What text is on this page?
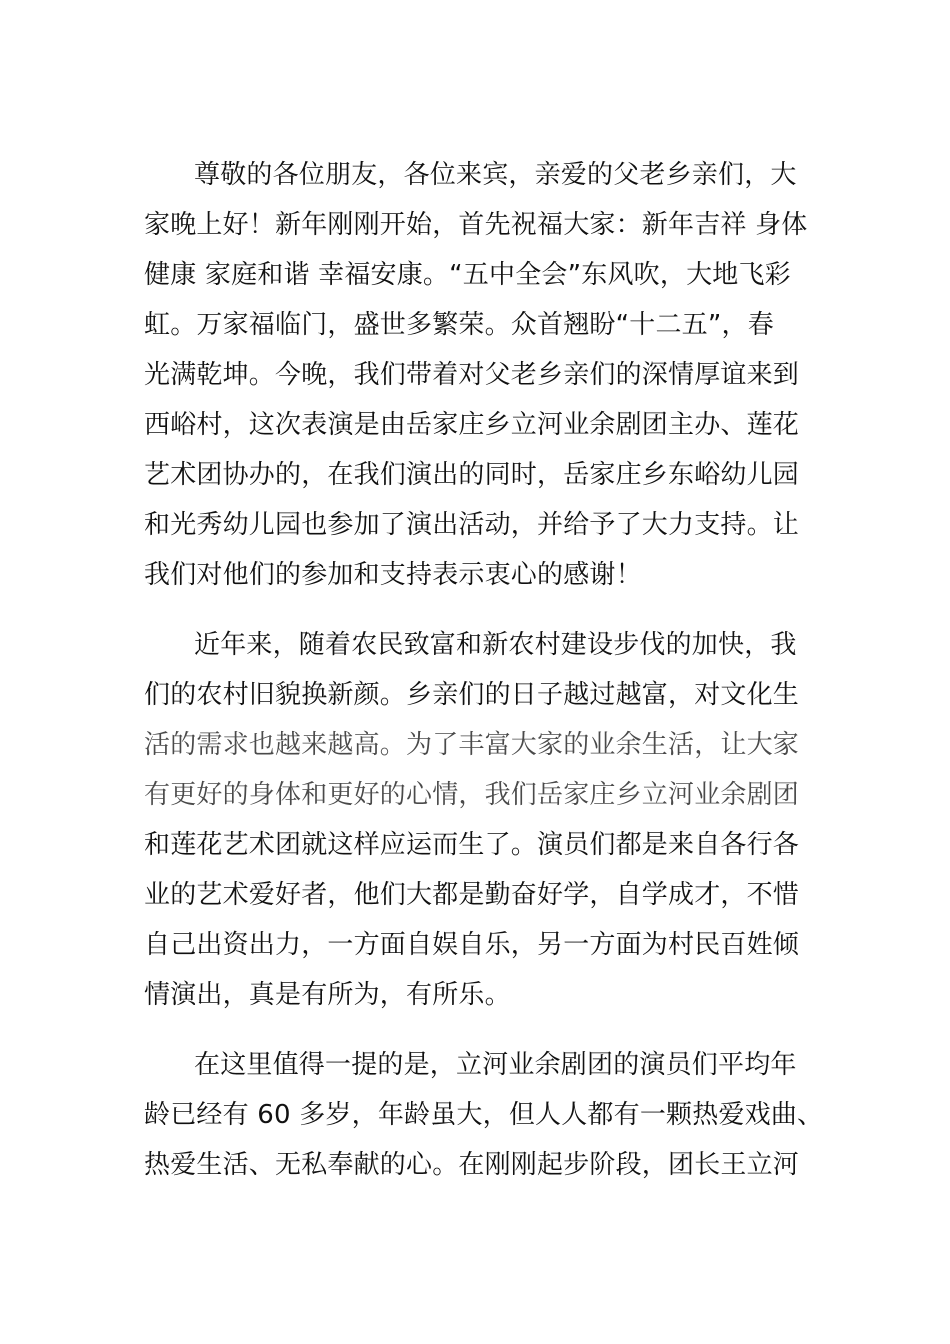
尊敬的各位朋友，各位来宾，亲爱的父老乡亲们，大
家晚上好！新年刚刚开始，首先祝福大家：新年吉祥 身体
健康 家庭和谐 幸福安康。“五中全会”东风吹，大地飞彩
虹。万家福临门，盛世多繁荣。众首翘盼“十二五”，春
光满乾坤。今晚，我们带着对父老乡亲们的深情厚谊来到
西峪村，这次表演是由岳家庄乡立河业余剧团主办、莲花
艺术团协办的，在我们演出的同时，岳家庄乡东峪幼儿园
和光秀幼儿园也参加了演出活动，并给予了大力支持。让
我们对他们的参加和支持表示衷心的感谢！
近年来，随着农民致富和新农村建设步伐的加快，我
们的农村旧貌换新颜。乡亲们的日子越过越富，对文化生
活的需求也越来越高。为了丰富大家的业余生活，让大家
有更好的身体和更好的心情，我们岳家庄乡立河业余剧团
和莲花艺术团就这样应运而生了。演员们都是来自各行各
业的艺术爱好者，他们大都是勤奋好学，自学成才，不惜
自己出资出力，一方面自娱自乐，另一方面为村民百姓倾
情演出，真是有所为，有所乐。
在这里值得一提的是，立河业余剧团的演员们平均年
龄已经有 60 多岁，年龄虽大，但人人都有一颗热爱戏曲、
热爱生活、无私奉献的心。在刚刚起步阶段，团长王立河
